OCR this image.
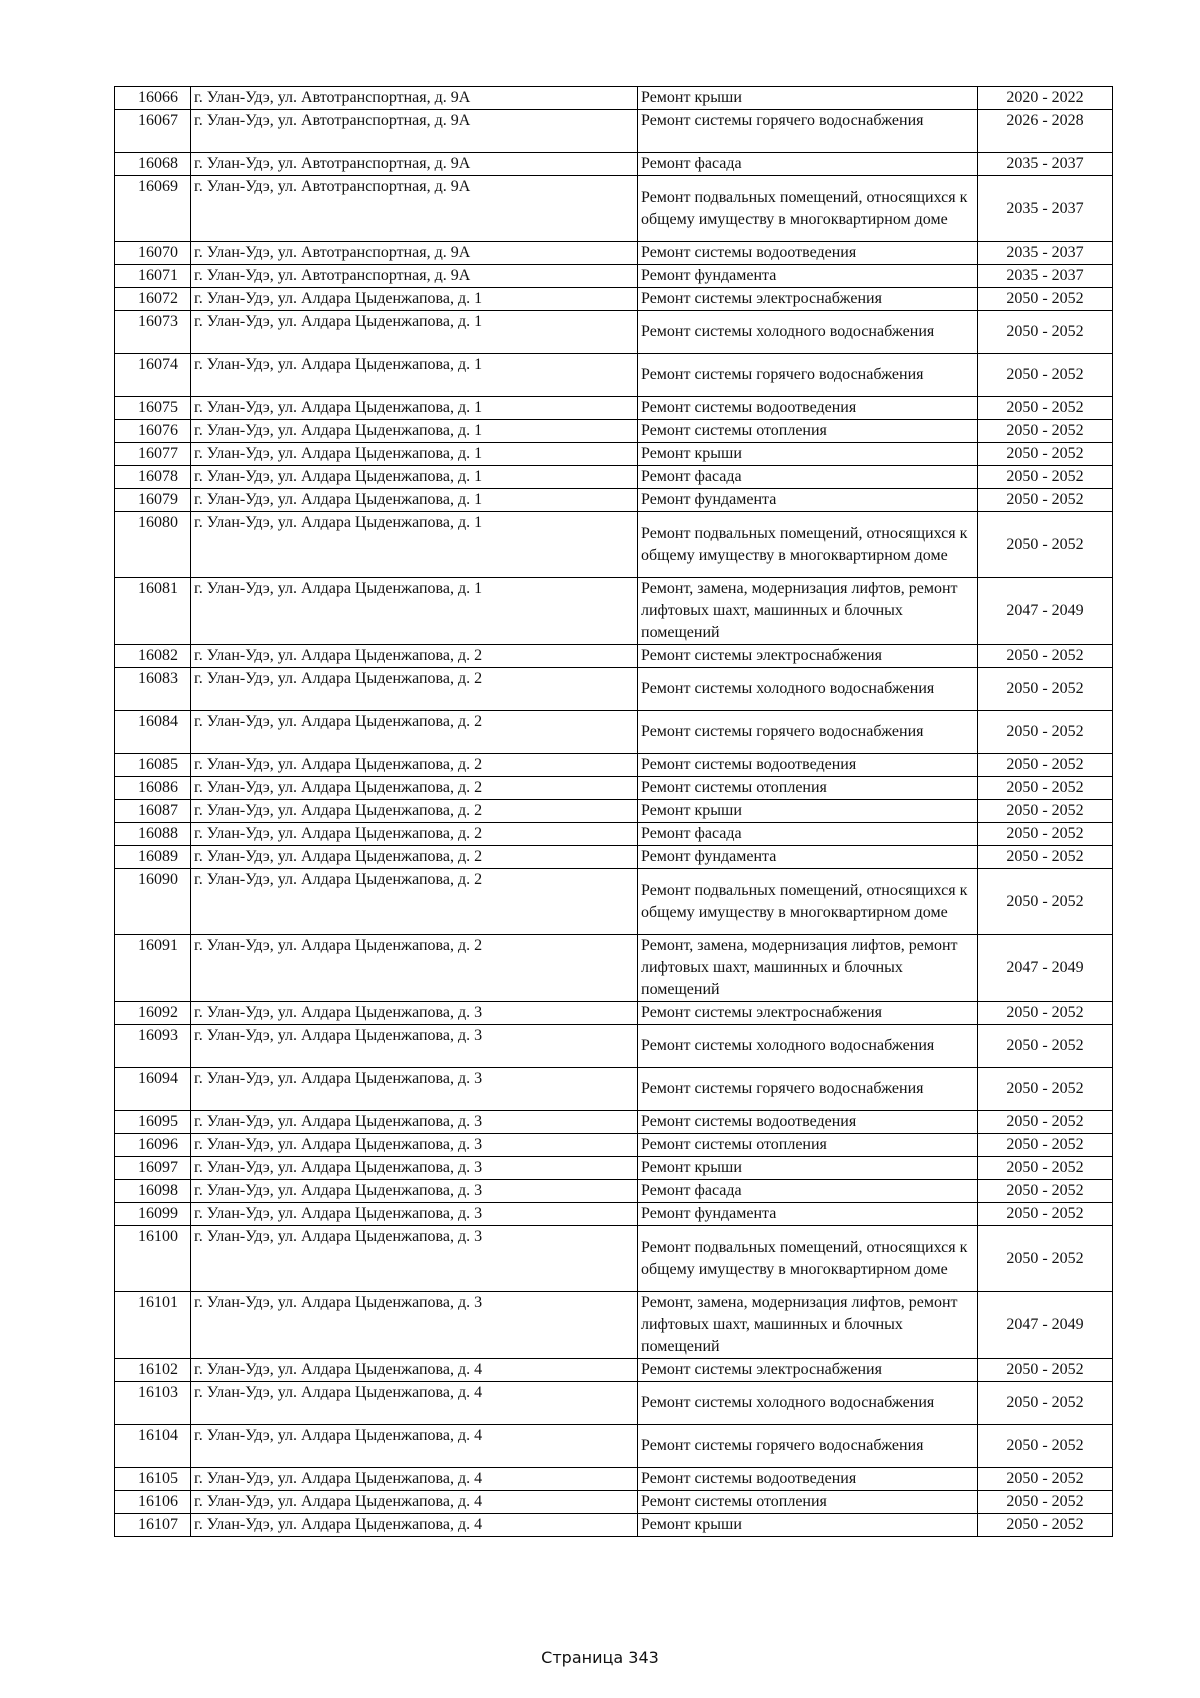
16066	г. Улан-Удэ, ул. Автотранспортная, д. 9А	Ремонт крыши	2020 - 2022
16067	г. Улан-Удэ, ул. Автотранспортная, д. 9А	Ремонт системы горячего водоснабжения	2026 - 2028
16068	г. Улан-Удэ, ул. Автотранспортная, д. 9А	Ремонт фасада	2035 - 2037
16069	г. Улан-Удэ, ул. Автотранспортная, д. 9А	Ремонт подвальных помещений, относящихся к общему имуществу в многоквартирном доме	2035 - 2037
16070	г. Улан-Удэ, ул. Автотранспортная, д. 9А	Ремонт системы водоотведения	2035 - 2037
16071	г. Улан-Удэ, ул. Автотранспортная, д. 9А	Ремонт фундамента	2035 - 2037
16072	г. Улан-Удэ, ул. Алдара Цыденжапова, д. 1	Ремонт системы электроснабжения	2050 - 2052
16073	г. Улан-Удэ, ул. Алдара Цыденжапова, д. 1	Ремонт системы холодного водоснабжения	2050 - 2052
16074	г. Улан-Удэ, ул. Алдара Цыденжапова, д. 1	Ремонт системы горячего водоснабжения	2050 - 2052
16075	г. Улан-Удэ, ул. Алдара Цыденжапова, д. 1	Ремонт системы водоотведения	2050 - 2052
16076	г. Улан-Удэ, ул. Алдара Цыденжапова, д. 1	Ремонт системы отопления	2050 - 2052
16077	г. Улан-Удэ, ул. Алдара Цыденжапова, д. 1	Ремонт крыши	2050 - 2052
16078	г. Улан-Удэ, ул. Алдара Цыденжапова, д. 1	Ремонт фасада	2050 - 2052
16079	г. Улан-Удэ, ул. Алдара Цыденжапова, д. 1	Ремонт фундамента	2050 - 2052
16080	г. Улан-Удэ, ул. Алдара Цыденжапова, д. 1	Ремонт подвальных помещений, относящихся к общему имуществу в многоквартирном доме	2050 - 2052
16081	г. Улан-Удэ, ул. Алдара Цыденжапова, д. 1	Ремонт, замена, модернизация лифтов, ремонт лифтовых шахт, машинных и блочных помещений	2047 - 2049
16082	г. Улан-Удэ, ул. Алдара Цыденжапова, д. 2	Ремонт системы электроснабжения	2050 - 2052
16083	г. Улан-Удэ, ул. Алдара Цыденжапова, д. 2	Ремонт системы холодного водоснабжения	2050 - 2052
16084	г. Улан-Удэ, ул. Алдара Цыденжапова, д. 2	Ремонт системы горячего водоснабжения	2050 - 2052
16085	г. Улан-Удэ, ул. Алдара Цыденжапова, д. 2	Ремонт системы водоотведения	2050 - 2052
16086	г. Улан-Удэ, ул. Алдара Цыденжапова, д. 2	Ремонт системы отопления	2050 - 2052
16087	г. Улан-Удэ, ул. Алдара Цыденжапова, д. 2	Ремонт крыши	2050 - 2052
16088	г. Улан-Удэ, ул. Алдара Цыденжапова, д. 2	Ремонт фасада	2050 - 2052
16089	г. Улан-Удэ, ул. Алдара Цыденжапова, д. 2	Ремонт фундамента	2050 - 2052
16090	г. Улан-Удэ, ул. Алдара Цыденжапова, д. 2	Ремонт подвальных помещений, относящихся к общему имуществу в многоквартирном доме	2050 - 2052
16091	г. Улан-Удэ, ул. Алдара Цыденжапова, д. 2	Ремонт, замена, модернизация лифтов, ремонт лифтовых шахт, машинных и блочных помещений	2047 - 2049
16092	г. Улан-Удэ, ул. Алдара Цыденжапова, д. 3	Ремонт системы электроснабжения	2050 - 2052
16093	г. Улан-Удэ, ул. Алдара Цыденжапова, д. 3	Ремонт системы холодного водоснабжения	2050 - 2052
16094	г. Улан-Удэ, ул. Алдара Цыденжапова, д. 3	Ремонт системы горячего водоснабжения	2050 - 2052
16095	г. Улан-Удэ, ул. Алдара Цыденжапова, д. 3	Ремонт системы водоотведения	2050 - 2052
16096	г. Улан-Удэ, ул. Алдара Цыденжапова, д. 3	Ремонт системы отопления	2050 - 2052
16097	г. Улан-Удэ, ул. Алдара Цыденжапова, д. 3	Ремонт крыши	2050 - 2052
16098	г. Улан-Удэ, ул. Алдара Цыденжапова, д. 3	Ремонт фасада	2050 - 2052
16099	г. Улан-Удэ, ул. Алдара Цыденжапова, д. 3	Ремонт фундамента	2050 - 2052
16100	г. Улан-Удэ, ул. Алдара Цыденжапова, д. 3	Ремонт подвальных помещений, относящихся к общему имуществу в многоквартирном доме	2050 - 2052
16101	г. Улан-Удэ, ул. Алдара Цыденжапова, д. 3	Ремонт, замена, модернизация лифтов, ремонт лифтовых шахт, машинных и блочных помещений	2047 - 2049
16102	г. Улан-Удэ, ул. Алдара Цыденжапова, д. 4	Ремонт системы электроснабжения	2050 - 2052
16103	г. Улан-Удэ, ул. Алдара Цыденжапова, д. 4	Ремонт системы холодного водоснабжения	2050 - 2052
16104	г. Улан-Удэ, ул. Алдара Цыденжапова, д. 4	Ремонт системы горячего водоснабжения	2050 - 2052
16105	г. Улан-Удэ, ул. Алдара Цыденжапова, д. 4	Ремонт системы водоотведения	2050 - 2052
16106	г. Улан-Удэ, ул. Алдара Цыденжапова, д. 4	Ремонт системы отопления	2050 - 2052
16107	г. Улан-Удэ, ул. Алдара Цыденжапова, д. 4	Ремонт крыши	2050 - 2052
Страница 343
